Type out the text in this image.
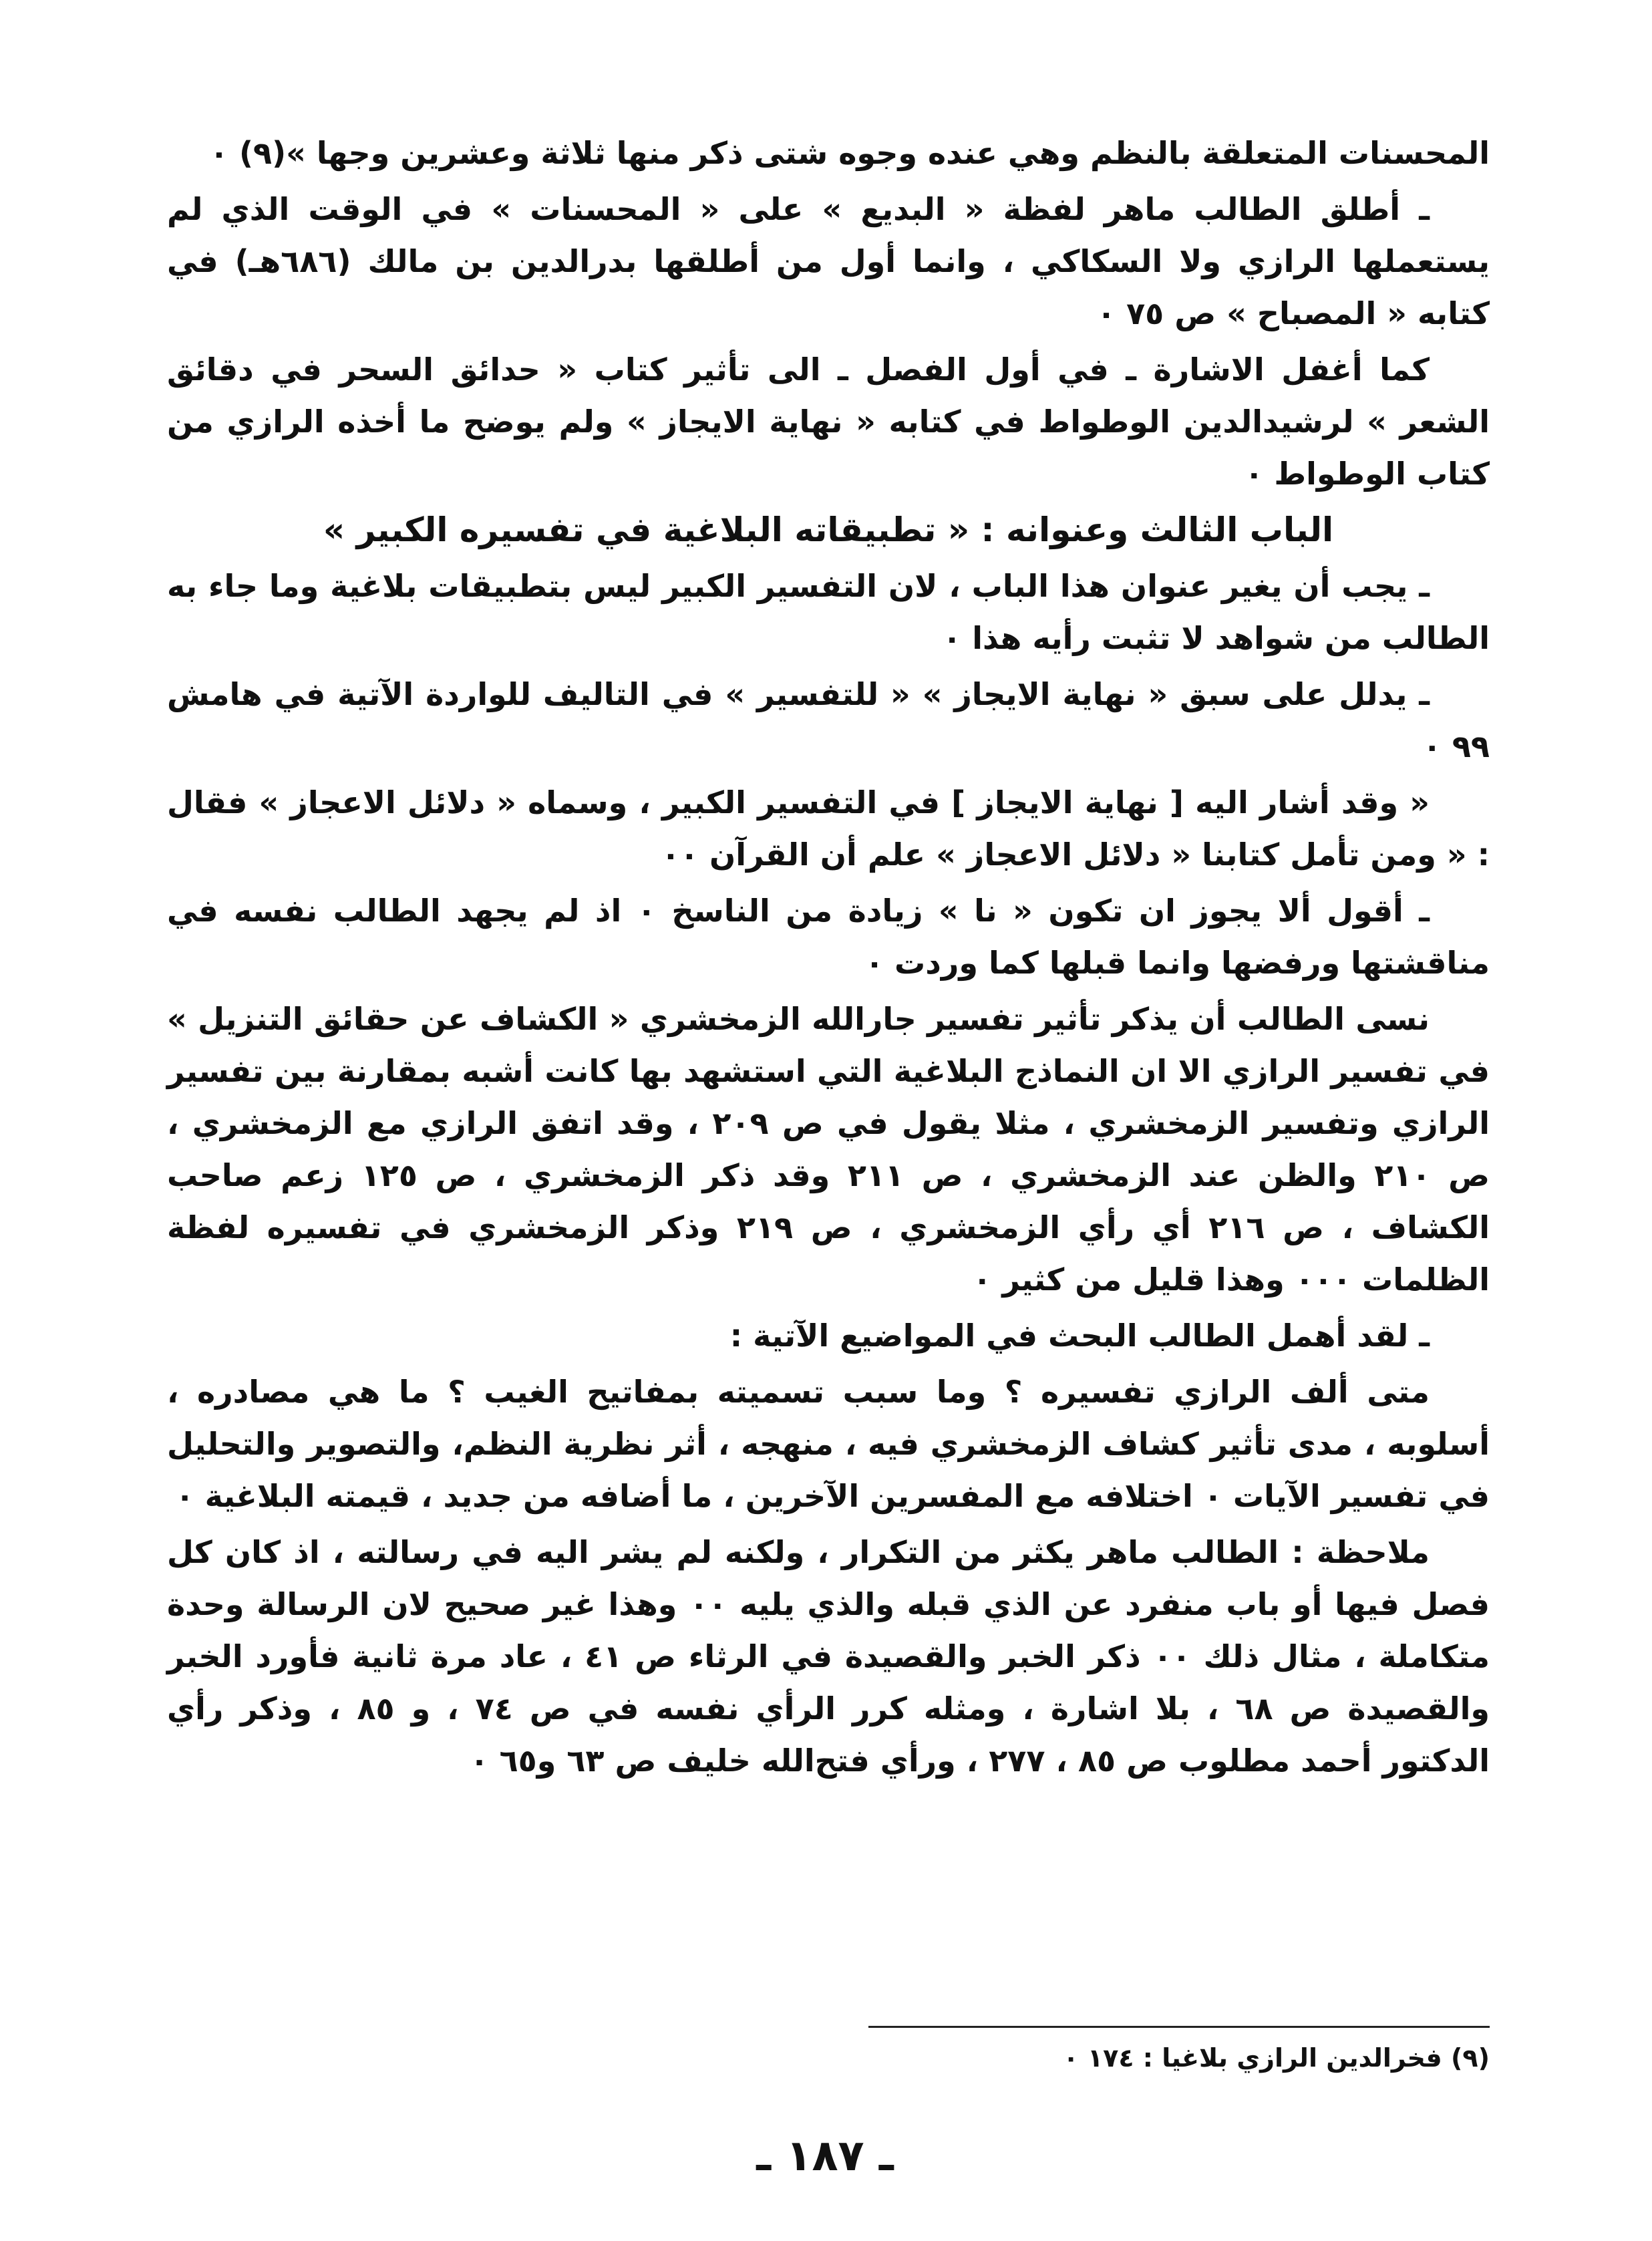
المحسنات المتعلقة بالنظم وهي عنده وجوه شتى ذكر منها ثلاثة وعشرين وجها »(٩) ٠

ـ أطلق الطالب ماهر لفظة « البديع » على « المحسنات » في الوقت الذي لم يستعملها الرازي ولا السكاكي ، وانما أول من أطلقها بدرالدين بن مالك (٦٨٦هـ) في كتابه « المصباح » ص ٧٥ ٠

كما أغفل الاشارة ـ في أول الفصل ـ الى تأثير كتاب « حدائق السحر في دقائق الشعر » لرشيدالدين الوطواط في كتابه « نهاية الايجاز » ولم يوضح ما أخذه الرازي من كتاب الوطواط ٠

الباب الثالث وعنوانه : « تطبيقاته البلاغية في تفسيره الكبير »

ـ يجب أن يغير عنوان هذا الباب ، لان التفسير الكبير ليس بتطبيقات بلاغية وما جاء به الطالب من شواهد لا تثبت رأيه هذا ٠

ـ يدلل على سبق « نهاية الايجاز » « للتفسير » في التاليف للواردة الآتية في هامش ٩٩ ٠

« وقد أشار اليه [ نهاية الايجاز ] في التفسير الكبير ، وسماه « دلائل الاعجاز » فقال : « ومن تأمل كتابنا « دلائل الاعجاز » علم أن القرآن ٠٠

ـ أقول ألا يجوز ان تكون « نا » زيادة من الناسخ ٠ اذ لم يجهد الطالب نفسه في مناقشتها ورفضها وانما قبلها كما وردت ٠

نسى الطالب أن يذكر تأثير تفسير جارالله الزمخشري « الكشاف عن حقائق التنزيل » في تفسير الرازي الا ان النماذج البلاغية التي استشهد بها كانت أشبه بمقارنة بين تفسير الرازي وتفسير الزمخشري ، مثلا يقول في ص ٢٠٩ ، وقد اتفق الرازي مع الزمخشري ، ص ٢١٠ والظن عند الزمخشري ، ص ٢١١ وقد ذكر الزمخشري ، ص ١٢٥ زعم صاحب الكشاف ، ص ٢١٦ أي رأي الزمخشري ، ص ٢١٩ وذكر الزمخشري في تفسيره لفظة الظلمات ٠٠٠ وهذا قليل من كثير ٠

ـ لقد أهمل الطالب البحث في المواضيع الآتية :

متى ألف الرازي تفسيره ؟ وما سبب تسميته بمفاتيح الغيب ؟ ما هي مصادره ، أسلوبه ، مدى تأثير كشاف الزمخشري فيه ، منهجه ، أثر نظرية النظم، والتصوير والتحليل في تفسير الآيات ٠ اختلافه مع المفسرين الآخرين ، ما أضافه من جديد ، قيمته البلاغية ٠

ملاحظة : الطالب ماهر يكثر من التكرار ، ولكنه لم يشر اليه في رسالته ، اذ كان كل فصل فيها أو باب منفرد عن الذي قبله والذي يليه ٠٠ وهذا غير صحيح لان الرسالة وحدة متكاملة ، مثال ذلك ٠٠ ذكر الخبر والقصيدة في الرثاء ص ٤١ ، عاد مرة ثانية فأورد الخبر والقصيدة ص ٦٨ ، بلا اشارة ، ومثله كرر الرأي نفسه في ص ٧٤ ، و ٨٥ ، وذكر رأي الدكتور أحمد مطلوب ص ٨٥ ، ٢٧٧ ، ورأي فتح‌الله خليف ص ٦٣ و٦٥ ٠

(٩) فخرالدين الرازي بلاغيا : ١٧٤ ٠
ـ ١٨٧ ـ
